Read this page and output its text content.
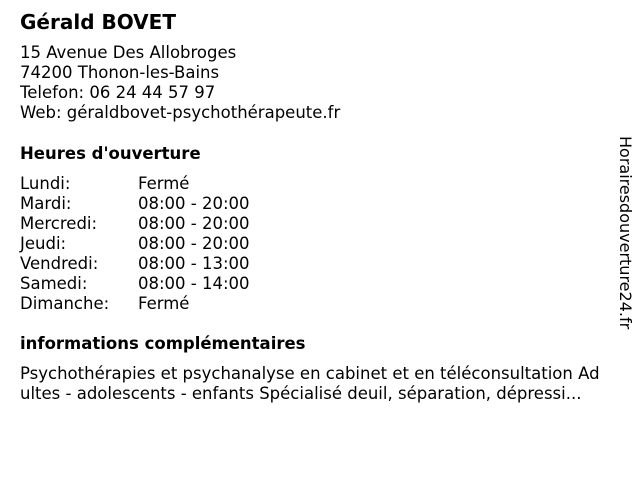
Gérald BOVET
15 Avenue Des Allobroges
74200 Thonon-les-Bains
Telefon: 06 24 44 57 97
Web: géraldbovet-psychothérapeute.fr
Heures d'ouverture
Lundi:	Fermé
Mardi:	08:00 - 20:00
Mercredi:	08:00 - 20:00
Jeudi:	08:00 - 20:00
Vendredi:	08:00 - 13:00
Samedi:	08:00 - 14:00
Dimanche:	Fermé
informations complémentaires
Psychothérapies et psychanalyse en cabinet et en téléconsultation Ad
ultes - adolescents - enfants Spécialisé deuil, séparation, dépressi...
Horairesdouverture24.fr
